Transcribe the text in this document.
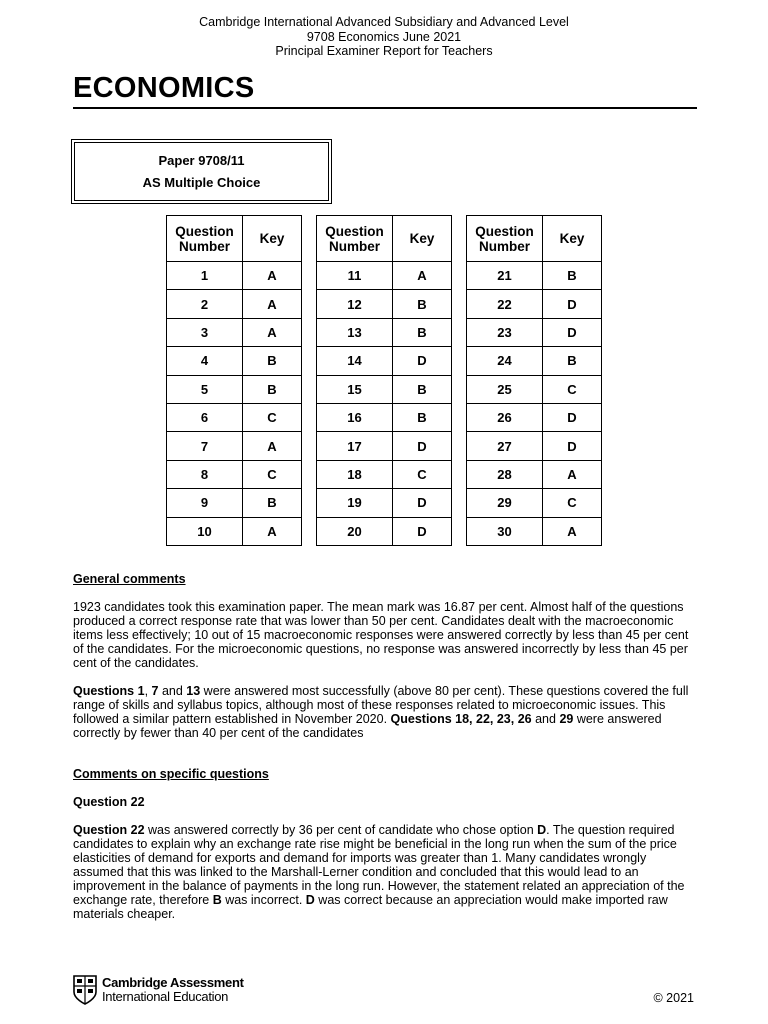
Cambridge International Advanced Subsidiary and Advanced Level
9708 Economics June 2021
Principal Examiner Report for Teachers
ECONOMICS
Paper 9708/11
AS Multiple Choice
Question
Number	Key
1	A
2	A
3	A
4	B
5	B
6	C
7	A
8	C
9	B
10	A
Question
Number	Key
11	A
12	B
13	B
14	D
15	B
16	B
17	D
18	C
19	D
20	D
Question
Number	Key
21	B
22	D
23	D
24	B
25	C
26	D
27	D
28	A
29	C
30	A

General comments

1923 candidates took this examination paper. The mean mark was 16.87 per cent. Almost half of the questions produced a correct response rate that was lower than 50 per cent. Candidates dealt with the macroeconomic items less effectively; 10 out of 15 macroeconomic responses were answered correctly by less than 45 per cent of the candidates. For the microeconomic questions, no response was answered incorrectly by less than 45 per cent of the candidates.

Questions 1, 7 and 13 were answered most successfully (above 80 per cent). These questions covered the full range of skills and syllabus topics, although most of these responses related to microeconomic issues. This followed a similar pattern established in November 2020. Questions 18, 22, 23, 26 and 29 were answered correctly by fewer than 40 per cent of the candidates

Comments on specific questions

Question 22

Question 22 was answered correctly by 36 per cent of candidate who chose option D. The question required candidates to explain why an exchange rate rise might be beneficial in the long run when the sum of the price elasticities of demand for exports and demand for imports was greater than 1. Many candidates wrongly assumed that this was linked to the Marshall-Lerner condition and concluded that this would lead to an improvement in the balance of payments in the long run. However, the statement related an appreciation of the exchange rate, therefore B was incorrect. D was correct because an appreciation would make imported raw materials cheaper.

Cambridge Assessment
International Education	© 2021
